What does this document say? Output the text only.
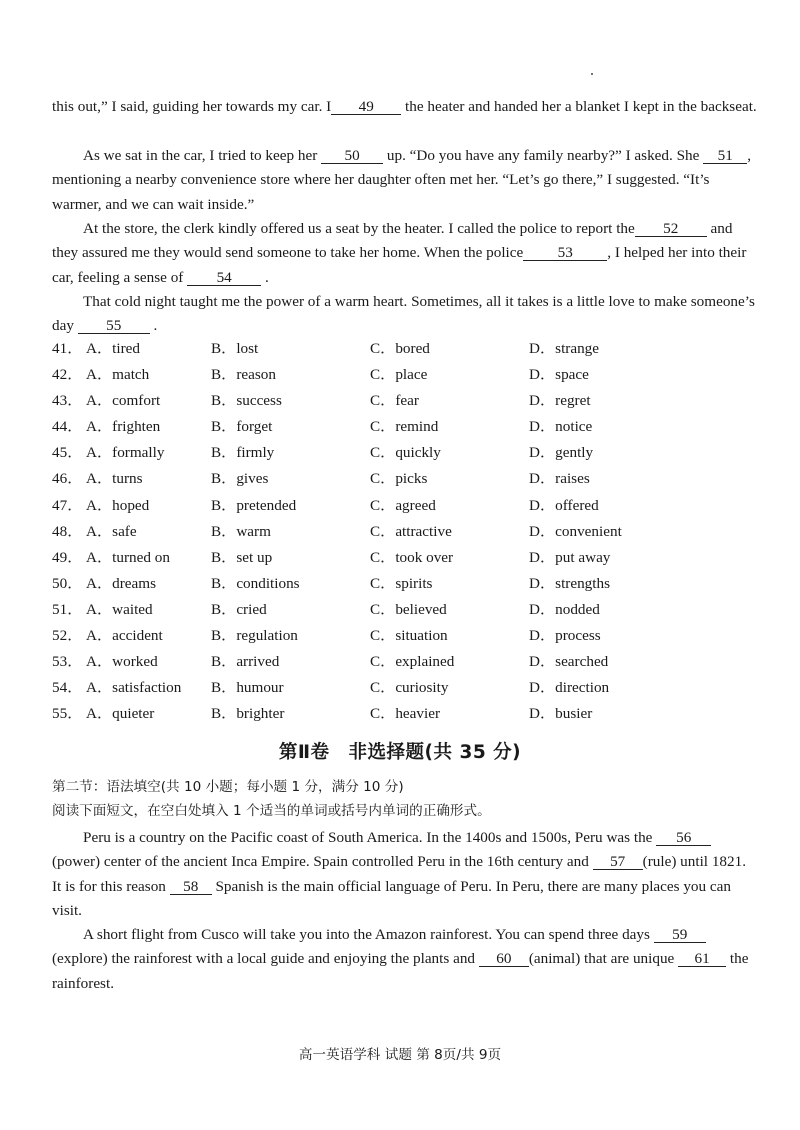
this out,” I said, guiding her towards my car. I 49 the heater and handed her a blanket I kept in the backseat.
As we sat in the car, I tried to keep her 50 up. “Do you have any family nearby?” I asked. She 51 , mentioning a nearby convenience store where her daughter often met her. “Let’s go there,” I suggested. “It’s warmer, and we can wait inside.”
At the store, the clerk kindly offered us a seat by the heater. I called the police to report the 52 and they assured me they would send someone to take her home. When the police 53 , I helped her into their car, feeling a sense of 54 .
That cold night taught me the power of a warm heart. Sometimes, all it takes is a little love to make someone’s day 55 .
41． A．tired	B．lost	C．bored	D．strange
42． A．match	B．reason	C．place	D．space
43． A．comfort	B．success	C．fear	D．regret
44． A．frighten	B．forget	C．remind	D．notice
45． A．formally	B．firmly	C．quickly	D．gently
46． A．turns	B．gives	C．picks	D．raises
47． A．hoped	B．pretended	C．agreed	D．offered
48． A．safe	B．warm	C．attractive	D．convenient
49． A．turned on	B．set up	C．took over	D．put away
50． A．dreams	B．conditions	C．spirits	D．strengths
51． A．waited	B．cried	C．believed	D．nodded
52． A．accident	B．regulation	C．situation	D．process
53． A．worked	B．arrived	C．explained	D．searched
54． A．satisfaction B．humour	C．curiosity	D．direction
55． A．quieter	B．brighter	C．heavier	D．busier
第Ⅱ卷　非选择题(共 35 分)
第二节：语法填空(共 10 小题；每小题 1 分，满分 10 分)
阅读下面短文，在空白处填入 1 个适当的单词或括号内单词的正确形式。
Peru is a country on the Pacific coast of South America. In the 1400s and 1500s, Peru was the 56 (power) center of the ancient Inca Empire. Spain controlled Peru in the 16th century and 57 (rule) until 1821. It is for this reason 58 Spanish is the main official language of Peru. In Peru, there are many places you can visit.
A short flight from Cusco will take you into the Amazon rainforest. You can spend three days 59(explore) the rainforest with a local guide and enjoying the plants and 60 (animal) that are unique 61 the rainforest.
高一英语学科 试题 第 8页/共 9页
